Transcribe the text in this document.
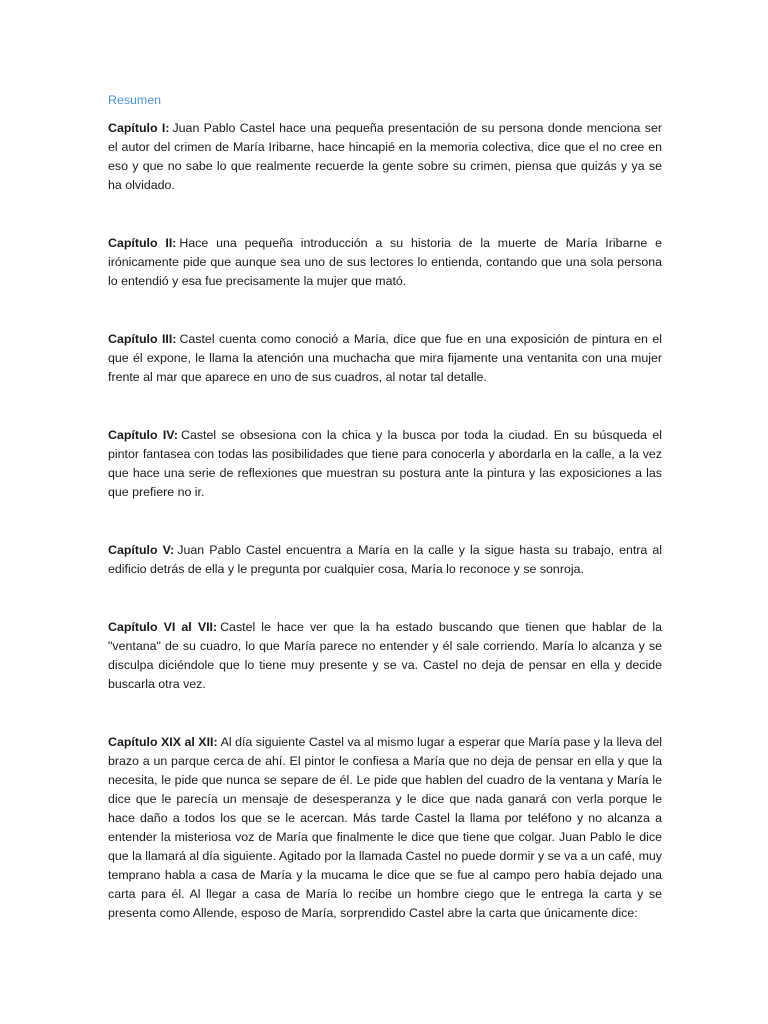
Resumen

Capítulo I: Juan Pablo Castel hace una pequeña presentación de su persona donde menciona ser el autor del crimen de María Iribarne, hace hincapié en la memoria colectiva, dice que el no cree en eso y que no sabe lo que realmente recuerde la gente sobre su crimen, piensa que quizás y ya se ha olvidado.

Capítulo II: Hace una pequeña introducción a su historia de la muerte de María Iribarne e irónicamente pide que aunque sea uno de sus lectores lo entienda, contando que una sola persona lo entendió y esa fue precisamente la mujer que mató.

Capítulo III: Castel cuenta como conoció a María, dice que fue en una exposición de pintura en el que él expone, le llama la atención una muchacha que mira fijamente una ventanita con una mujer frente al mar que aparece en uno de sus cuadros, al notar tal detalle.

Capítulo IV: Castel se obsesiona con la chica y la busca por toda la ciudad. En su búsqueda el pintor fantasea con todas las posibilidades que tiene para conocerla y abordarla en la calle, a la vez que hace una serie de reflexiones que muestran su postura ante la pintura y las exposiciones a las que prefiere no ir.

Capítulo V: Juan Pablo Castel encuentra a María en la calle y la sigue hasta su trabajo, entra al edificio detrás de ella y le pregunta por cualquier cosa, María lo reconoce y se sonroja.

Capítulo VI al VII: Castel le hace ver que la ha estado buscando que tienen que hablar de la "ventana" de su cuadro, lo que María parece no entender y él sale corriendo. María lo alcanza y se disculpa diciéndole que lo tiene muy presente y se va. Castel no deja de pensar en ella y decide buscarla otra vez.

Capítulo XIX al XII: Al día siguiente Castel va al mismo lugar a esperar que María pase y la lleva del brazo a un parque cerca de ahí. El pintor le confiesa a María que no deja de pensar en ella y que la necesita, le pide que nunca se separe de él. Le pide que hablen del cuadro de la ventana y María le dice que le parecía un mensaje de desesperanza y le dice que nada ganará con verla porque le hace daño a todos los que se le acercan. Más tarde Castel la llama por teléfono y no alcanza a entender la misteriosa voz de María que finalmente le dice que tiene que colgar. Juan Pablo le dice que la llamará al día siguiente. Agitado por la llamada Castel no puede dormir y se va a un café, muy temprano habla a casa de María y la mucama le dice que se fue al campo pero había dejado una carta para él. Al llegar a casa de María lo recibe un hombre ciego que le entrega la carta y se presenta como Allende, esposo de María, sorprendido Castel abre la carta que únicamente dice:
